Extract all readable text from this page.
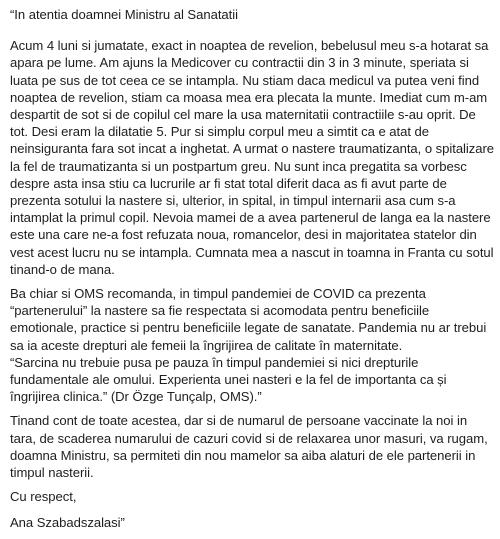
“In atentia doamnei Ministru al Sanatatii

Acum 4 luni si jumatate, exact in noaptea de revelion, bebelusul meu s-a hotarat sa apara pe lume. Am ajuns la Medicover cu contractii din 3 in 3 minute, speriata si luata pe sus de tot ceea ce se intampla. Nu stiam daca medicul va putea veni find noaptea de revelion, stiam ca moasa mea era plecata la munte. Imediat cum m-am despartit de sot si de copilul cel mare la usa maternitatii contractiile s-au oprit. De tot. Desi eram la dilatatie 5. Pur si simplu corpul meu a simtit ca e atat de neinsiguranta fara sot incat a inghetat. A urmat o nastere traumatizanta, o spitalizare la fel de traumatizanta si un postpartum greu. Nu sunt inca pregatita sa vorbesc despre asta insa stiu ca lucrurile ar fi stat total diferit daca as fi avut parte de prezenta sotului la nastere si, ulterior, in spital, in timpul internarii asa cum s-a intamplat la primul copil. Nevoia mamei de a avea partenerul de langa ea la nastere este una care ne-a fost refuzata noua, romancelor, desi in majoritatea statelor din vest acest lucru nu se intampla. Cumnata mea a nascut in toamna in Franta cu sotul tinand-o de mana.

Ba chiar si OMS recomanda, in timpul pandemiei de COVID ca prezenta “partenerului” la nastere sa fie respectata si acomodata pentru beneficiile emotionale, practice si pentru beneficiile legate de sanatate. Pandemia nu ar trebui sa ia aceste drepturi ale femeii la îngrijirea de calitate în maternitate.
“Sarcina nu trebuie pusa pe pauza în timpul pandemiei si nici drepturile fundamentale ale omului. Experienta unei nasteri e la fel de importanta ca și îngrijirea clinica.” (Dr Özge Tunçalp, OMS).”

Tinand cont de toate acestea, dar si de numarul de persoane vaccinate la noi in tara, de scaderea numarului de cazuri covid si de relaxarea unor masuri, va rugam, doamna Ministru, sa permiteti din nou mamelor sa aiba alaturi de ele partenerii in timpul nasterii.

Cu respect,

Ana Szabadszalasi”
